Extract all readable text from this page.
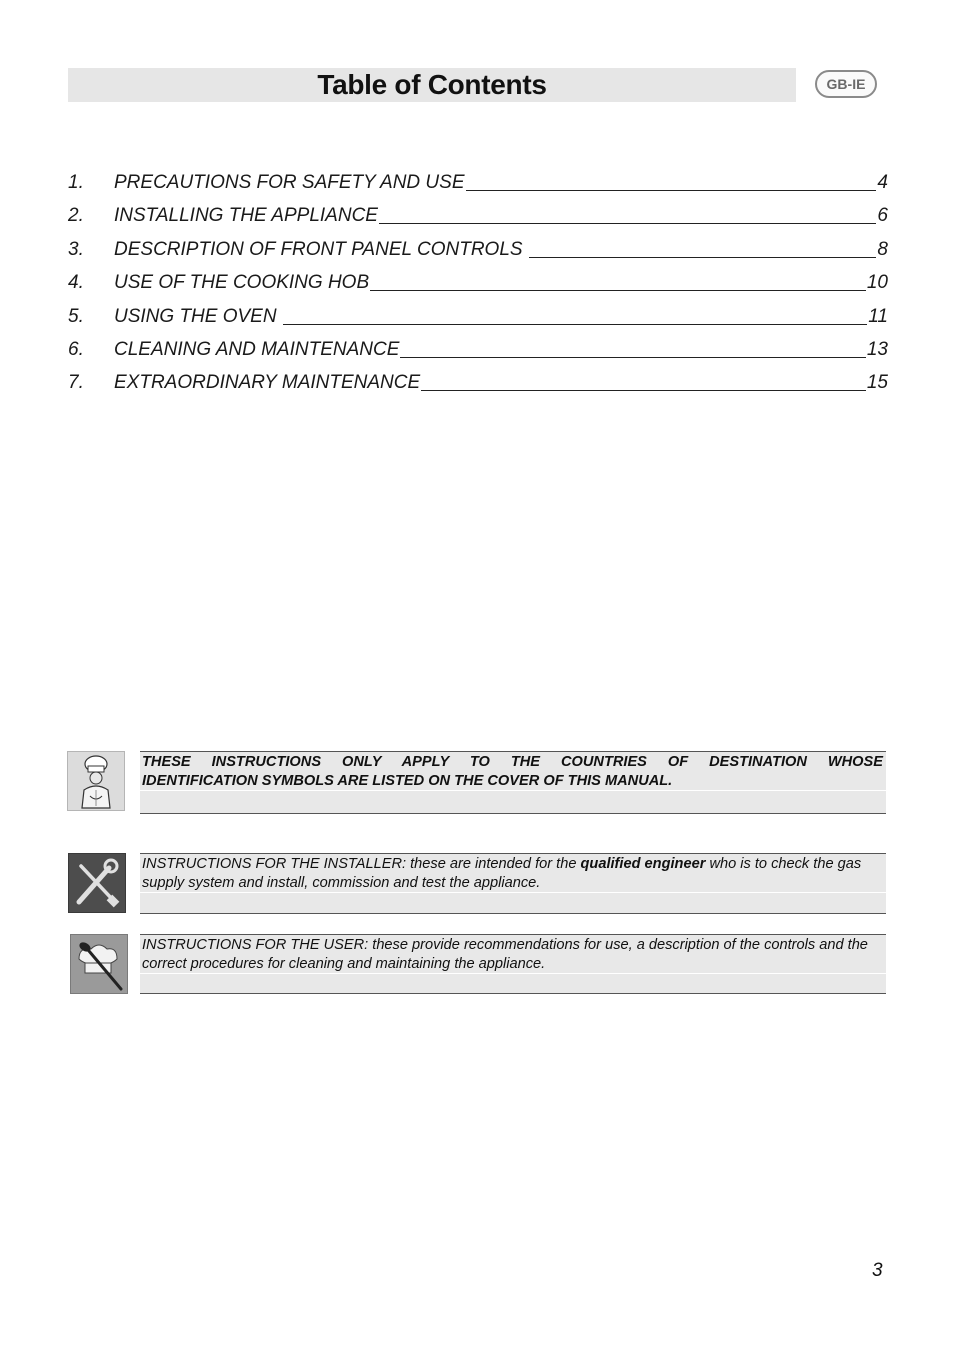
Table of Contents	GB-IE
1.	PRECAUTIONS FOR SAFETY AND USE	4
2.	INSTALLING THE APPLIANCE	6
3.	DESCRIPTION OF FRONT PANEL CONTROLS	8
4.	USE OF THE COOKING HOB	10
5.	USING THE OVEN	11
6.	CLEANING AND MAINTENANCE	13
7.	EXTRAORDINARY MAINTENANCE	15
THESE INSTRUCTIONS ONLY APPLY TO THE COUNTRIES OF DESTINATION WHOSE
IDENTIFICATION SYMBOLS ARE LISTED ON THE COVER OF THIS MANUAL.
INSTRUCTIONS FOR THE INSTALLER: these are intended for the qualified engineer who is to check the gas supply system and install, commission and test the appliance.
INSTRUCTIONS FOR THE USER: these provide recommendations for use, a description of the controls and the correct procedures for cleaning and maintaining the appliance.
3
